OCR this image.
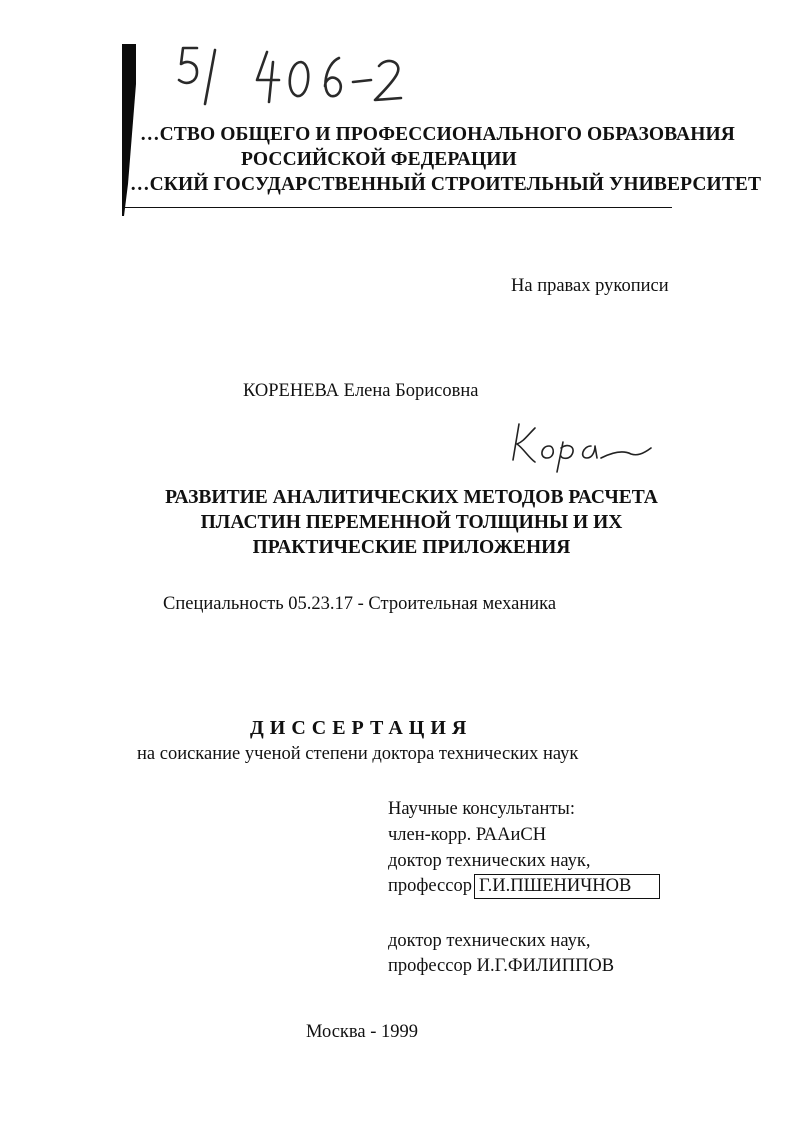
…СТВО ОБЩЕГО И ПРОФЕССИОНАЛЬНОГО ОБРАЗОВАНИЯ
РОССИЙСКОЙ ФЕДЕРАЦИИ
…СКИЙ ГОСУДАРСТВЕННЫЙ СТРОИТЕЛЬНЫЙ УНИВЕРСИТЕТ
На правах рукописи
КОРЕНЕВА Елена Борисовна
РАЗВИТИЕ АНАЛИТИЧЕСКИХ МЕТОДОВ РАСЧЕТА
ПЛАСТИН ПЕРЕМЕННОЙ ТОЛЩИНЫ И ИХ
ПРАКТИЧЕСКИЕ ПРИЛОЖЕНИЯ
Специальность 05.23.17 - Строительная механика
ДИССЕРТАЦИЯ
на соискание ученой степени доктора технических наук
Научные консультанты:
член-корр. РААиСН
доктор технических наук,
профессор Г.И.ПШЕНИЧНОВ
доктор технических наук,
профессор И.Г.ФИЛИППОВ
Москва - 1999
